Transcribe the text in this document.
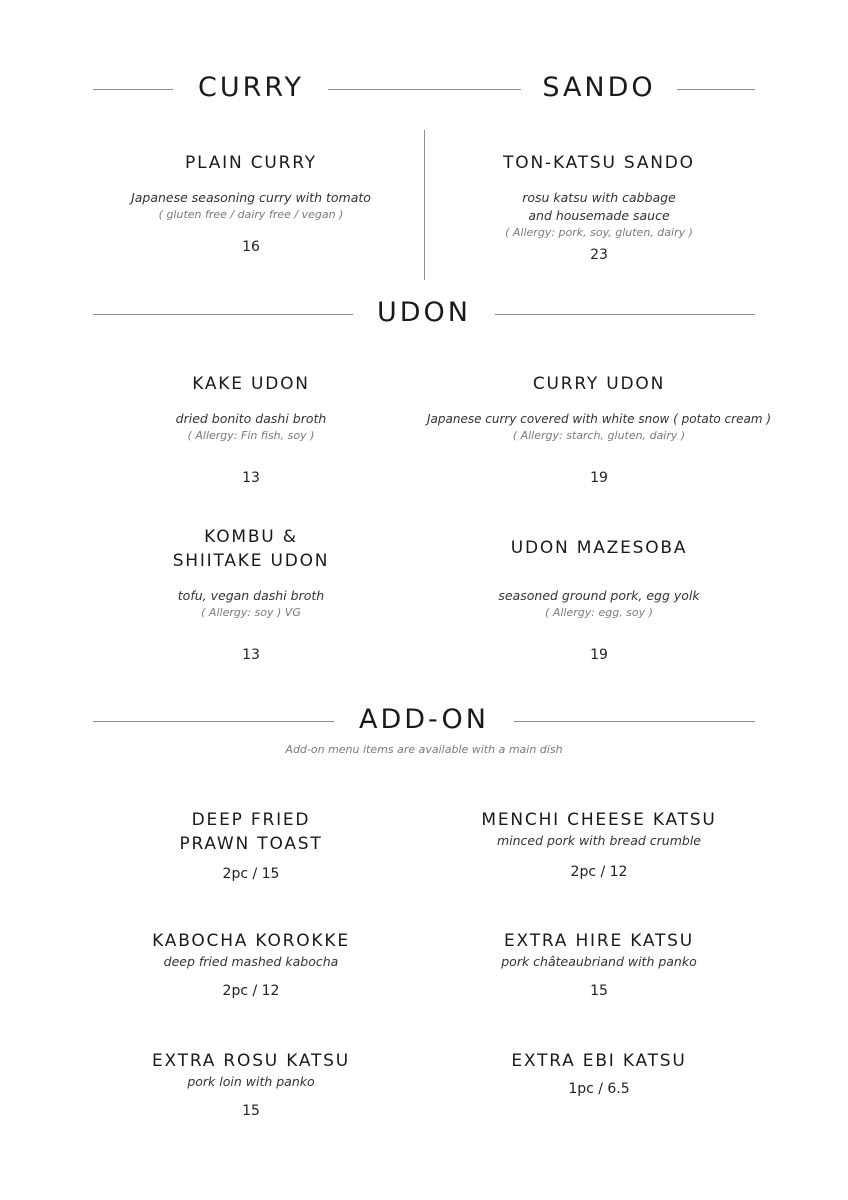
CURRY	SANDO
PLAIN CURRY
Japanese seasoning curry with tomato
( gluten free / dairy free / vegan )
16
TON-KATSU SANDO
rosu katsu with cabbage
and housemade sauce
( Allergy: pork, soy, gluten, dairy )
23
UDON
KAKE UDON
dried bonito dashi broth
( Allergy: Fin fish, soy )
13
CURRY UDON
Japanese curry covered with white snow ( potato cream )
( Allergy: starch, gluten, dairy )
19
KOMBU &
SHIITAKE UDON
tofu, vegan dashi broth
( Allergy: soy ) VG
13
UDON MAZESOBA
seasoned ground pork, egg yolk
( Allergy: egg, soy )
19
ADD-ON
Add-on menu items are available with a main dish
DEEP FRIED
PRAWN TOAST
2pc / 15
MENCHI CHEESE KATSU
minced pork with bread crumble
2pc / 12
KABOCHA KOROKKE
deep fried mashed kabocha
2pc / 12
EXTRA HIRE KATSU
pork châteaubriand with panko
15
EXTRA ROSU KATSU
pork loin with panko
15
EXTRA EBI KATSU
1pc / 6.5
